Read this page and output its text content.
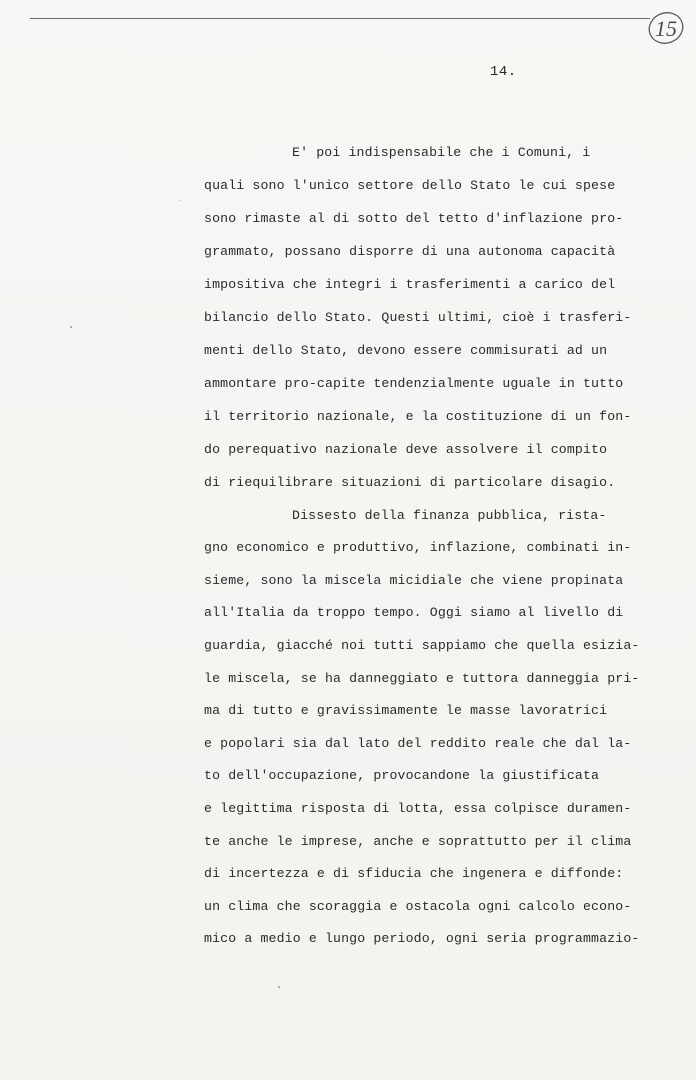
15
14.
E' poi indispensabile che i Comuni, i
quali sono l'unico settore dello Stato le cui spese
sono rimaste al di sotto del tetto d'inflazione pro-
grammato, possano disporre di una autonoma capacità
impositiva che integri i trasferimenti a carico del
bilancio dello Stato. Questi ultimi, cioè i trasferi-
menti dello Stato, devono essere commisurati ad un
ammontare pro-capite tendenzialmente uguale in tutto
il territorio nazionale, e la costituzione di un fon-
do perequativo nazionale deve assolvere il compito
di riequilibrare situazioni di particolare disagio.
Dissesto della finanza pubblica, rista-
gno economico e produttivo, inflazione, combinati in-
sieme, sono la miscela micidiale che viene propinata
all'Italia da troppo tempo. Oggi siamo al livello di
guardia, giacché noi tutti sappiamo che quella esizia-
le miscela, se ha danneggiato e tuttora danneggia pri-
ma di tutto e gravissimamente le masse lavoratrici
e popolari sia dal lato del reddito reale che dal la-
to dell'occupazione, provocandone la giustificata
e legittima risposta di lotta, essa colpisce duramen-
te anche le imprese, anche e soprattutto per il clima
di incertezza e di sfiducia che ingenera e diffonde:
un clima che scoraggia e ostacola ogni calcolo econo-
mico a medio e lungo periodo, ogni seria programmazio-
